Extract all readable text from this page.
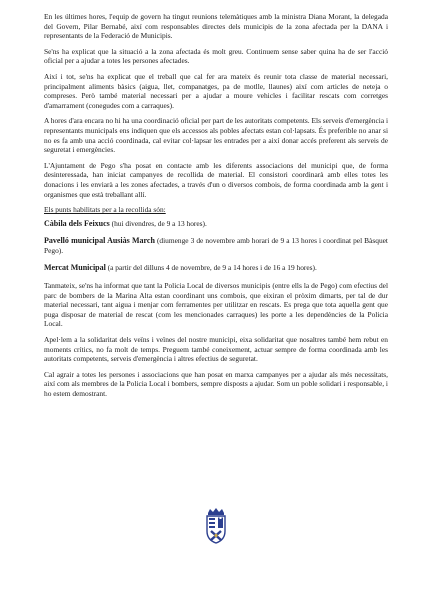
En les últimes hores, l'equip de govern ha tingut reunions telemàtiques amb la ministra Diana Morant, la delegada del Govern, Pilar Bernabé, així com responsables directes dels municipis de la zona afectada per la DANA i representants de la Federació de Municipis.

Se'ns ha explicat que la situació a la zona afectada és molt greu. Continuem sense saber quina ha de ser l'acció oficial per a ajudar a totes les persones afectades.

Així i tot, se'ns ha explicat que el treball que cal fer ara mateix és reunir tota classe de material necessari, principalment aliments bàsics (aigua, llet, companatges, pa de motlle, llaunes) així com articles de neteja o compreses. Però també material necessari per a ajudar a moure vehicles i facilitar rescats com corretges d'amarrament (conegudes com a carraques).

A hores d'ara encara no hi ha una coordinació oficial per part de les autoritats competents. Els serveis d'emergència i representants municipals ens indiquen que els accessos als pobles afectats estan col·lapsats. És preferible no anar si no es fa amb una acció coordinada, cal evitar col·lapsar les entrades per a així donar accés preferent als serveis de seguretat i emergències.

L'Ajuntament de Pego s'ha posat en contacte amb les diferents associacions del municipi que, de forma desinteressada, han iniciat campanyes de recollida de material. El consistori coordinarà amb elles totes les donacions i les enviarà a les zones afectades, a través d'un o diversos combois, de forma coordinada amb la gent i organismes que està treballant allí.

Els punts habilitats per a la recollida són:

Càbila dels Feixucs (hui divendres, de 9 a 13 hores).

Pavelló municipal Ausiàs March (diumenge 3 de novembre amb horari de 9 a 13 hores i coordinat pel Bàsquet Pego).

Mercat Municipal (a partir del dilluns 4 de novembre, de 9 a 14 hores i de 16 a 19 hores).

Tanmateix, se'ns ha informat que tant la Policia Local de diversos municipis (entre ells la de Pego) com efectius del parc de bombers de la Marina Alta estan coordinant uns combois, que eixiran el pròxim dimarts, per tal de dur material necessari, tant aigua i menjar com ferramentes per utilitzar en rescats. Es prega que tota aquella gent que puga disposar de material de rescat (com les mencionades carraques) les porte a les dependències de la Policia Local.

Apel·lem a la solidaritat dels veïns i veïnes del nostre municipi, eixa solidaritat que nosaltres també hem rebut en moments crítics, no fa molt de temps. Preguem també coneixement, actuar sempre de forma coordinada amb les autoritats competents, serveis d'emergència i altres efectius de seguretat.

Cal agrair a totes les persones i associacions que han posat en marxa campanyes per a ajudar als més necessitats, així com als membres de la Policia Local i bombers, sempre disposts a ajudar. Som un poble solidari i responsable, i ho estem demostrant.
